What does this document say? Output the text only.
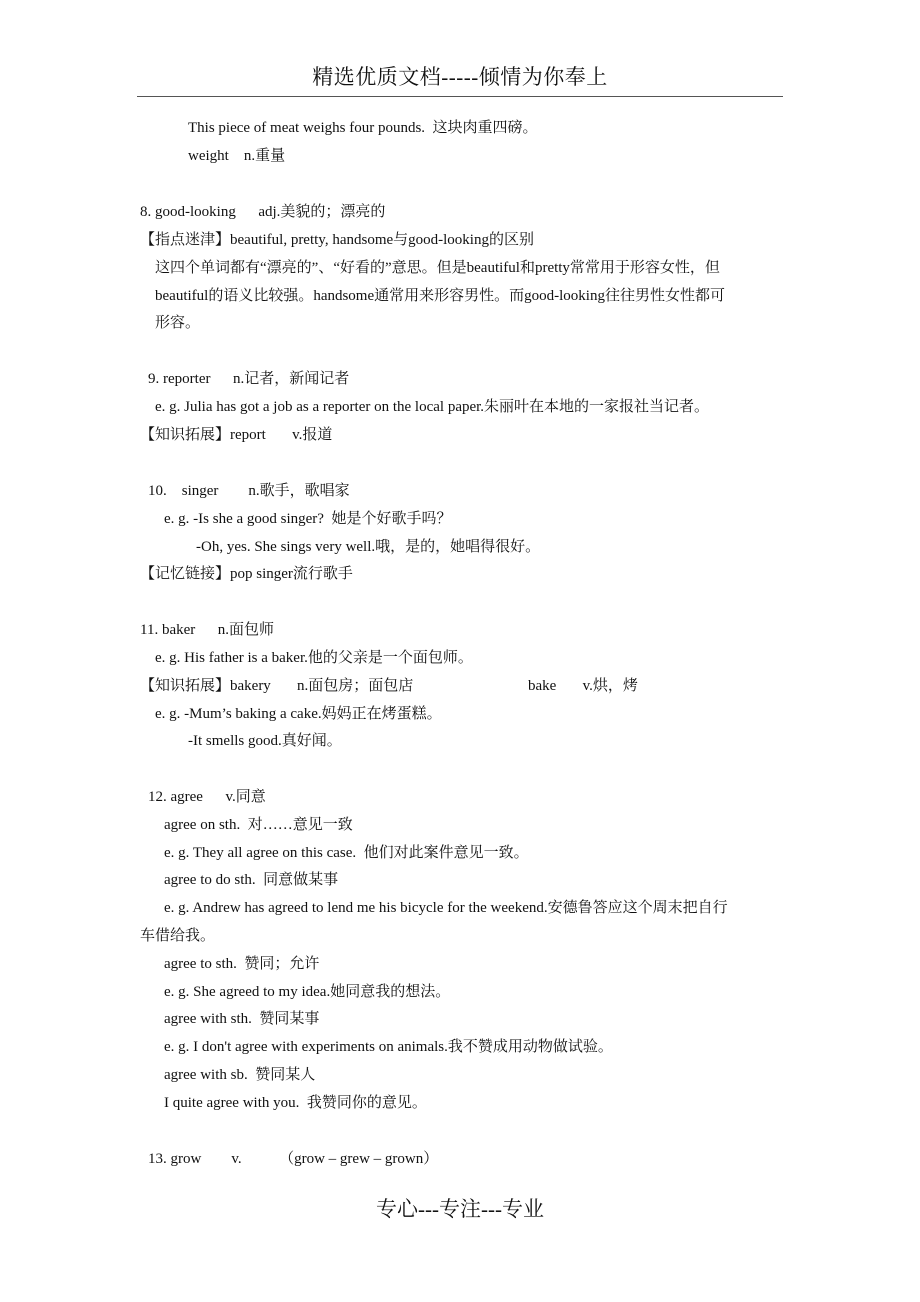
精选优质文档-----倾情为你奉上
This piece of meat weighs four pounds.  这块肉重四磅。
weight    n.重量
8. good-looking      adj.美貌的；漂亮的
【指点迷津】beautiful, pretty, handsome与good-looking的区别
这四个单词都有“漂亮的”、“好看的”意思。但是beautiful和pretty常常用于形容女性，但
beautiful的语义比较强。handsome通常用来形容男性。而good-looking往往男性女性都可
形容。
9. reporter      n.记者，新闻记者
e. g. Julia has got a job as a reporter on the local paper.朱丽叶在本地的一家报社当记者。
【知识拓展】report       v.报道
10.    singer        n.歌手，歌唱家
e. g. -Is she a good singer?  她是个好歌手吗？
-Oh, yes. She sings very well.哦，是的，她唱得很好。
【记忆链接】pop singer流行歌手
11. baker      n.面包师
e. g. His father is a baker.他的父亲是一个面包师。
【知识拓展】bakery       n.面包房；面包店	bake       v.烘，烤
e. g. -Mum’s baking a cake.妈妈正在烤蛋糕。
-It smells good.真好闻。
12. agree      v.同意
agree on sth.  对……意见一致
e. g. They all agree on this case.  他们对此案件意见一致。
agree to do sth.  同意做某事
e. g. Andrew has agreed to lend me his bicycle for the weekend.安德鲁答应这个周末把自行
车借给我。
agree to sth.  赞同；允许
e. g. She agreed to my idea.她同意我的想法。
agree with sth.  赞同某事
e. g. I don't agree with experiments on animals.我不赞成用动物做试验。
agree with sb.  赞同某人
I quite agree with you.  我赞同你的意见。
13. grow        v.          （grow – grew – grown）
专心---专注---专业
